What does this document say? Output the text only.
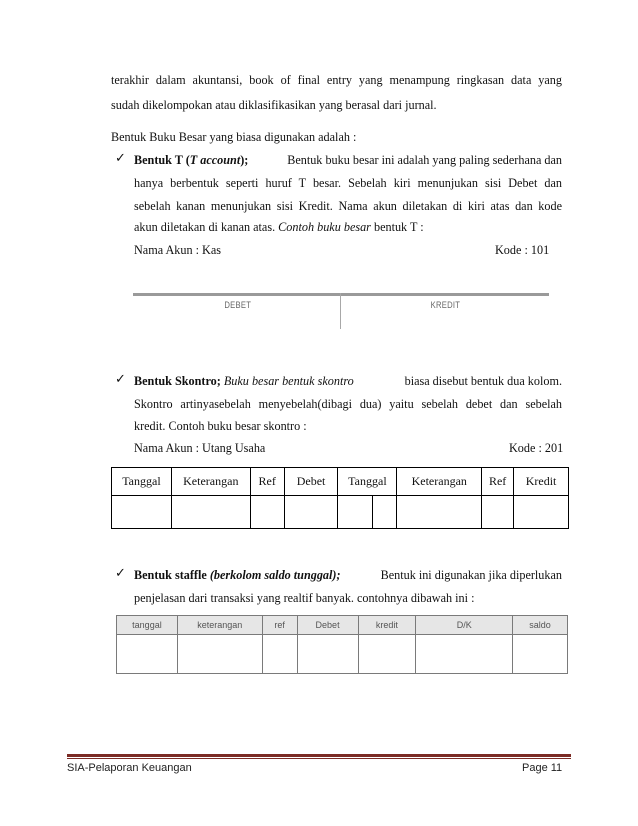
terakhir dalam akuntansi, book of final entry yang menampung ringkasan data yang
sudah dikelompokan atau diklasifikasikan yang berasal dari jurnal.
Bentuk Buku Besar yang biasa digunakan adalah :
✓ Bentuk T (T account);	Bentuk buku besar ini adalah yang paling sederhana dan
hanya berbentuk seperti huruf T besar. Sebelah kiri menunjukan sisi Debet dan
sebelah kanan menunjukan sisi Kredit. Nama akun diletakan di kiri atas dan kode
akun diletakan di kanan atas. Contoh buku besar bentuk T :
Nama Akun : Kas	Kode : 101
DEBET	KREDIT
✓ Bentuk Skontro; Buku besar bentuk skontro	biasa disebut bentuk dua kolom.
Skontro artinyasebelah menyebelah(dibagi dua) yaitu sebelah debet dan sebelah
kredit. Contoh buku besar skontro :
Nama Akun : Utang Usaha	Kode : 201
Tanggal	Keterangan	Ref	Debet	Tanggal	Keterangan	Ref	Kredit

✓ Bentuk staffle (berkolom saldo tunggal);	Bentuk ini digunakan jika diperlukan
penjelasan dari transaksi yang realtif banyak. contohnya dibawah ini :
tanggal	keterangan	ref	Debet	kredit	D/K	saldo

SIA-Pelaporan Keuangan	Page 11
